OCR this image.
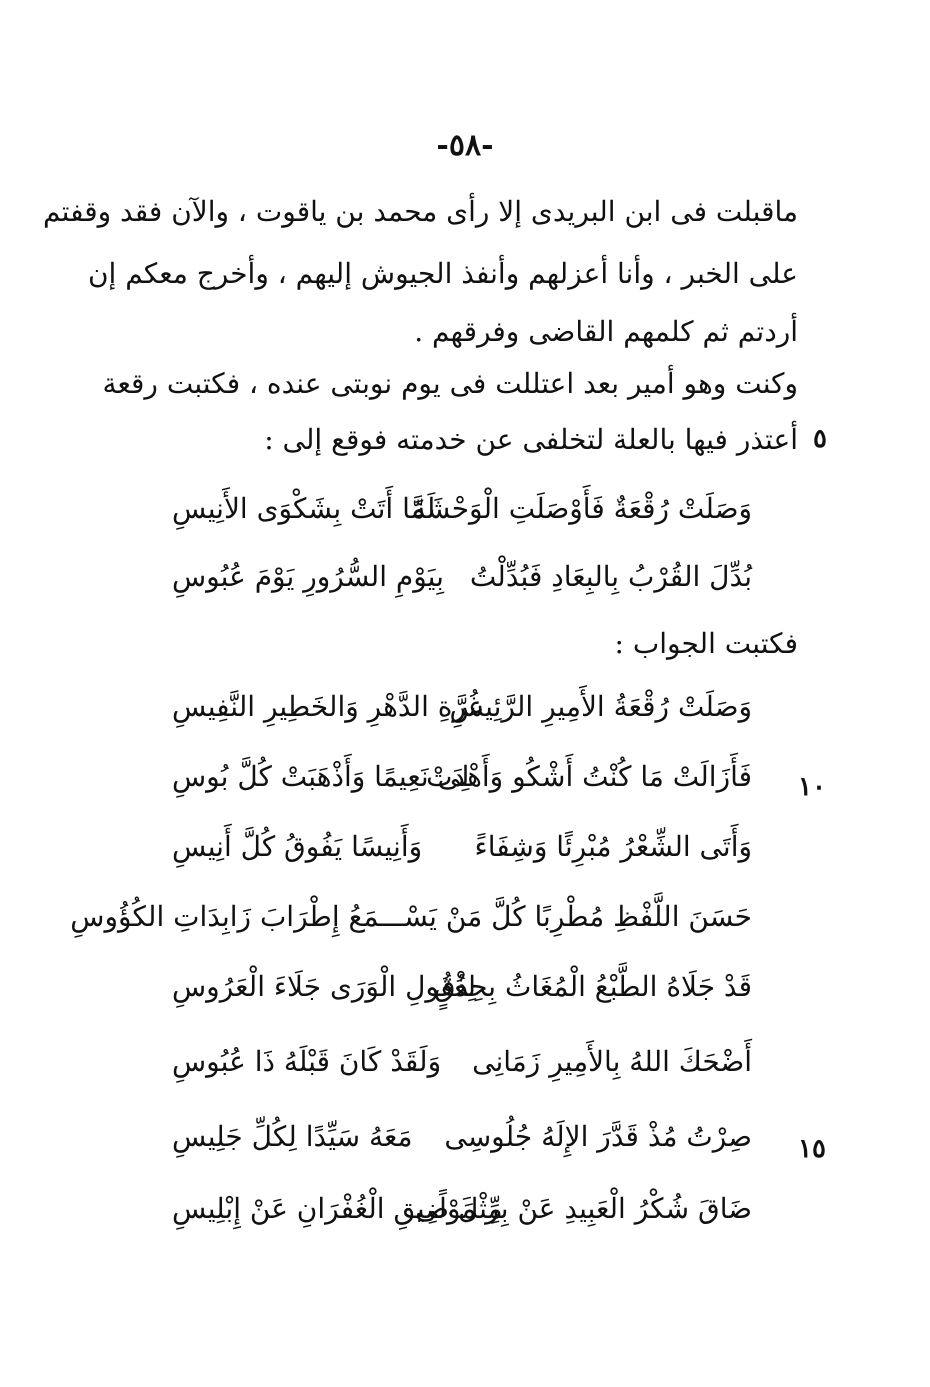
-٥٨-
ماقبلت فى ابن البريدى إلا رأى محمد بن ياقوت ، والآن فقد وقفتم
على الخبر ، وأنا أعزلهم وأنفذ الجيوش إليهم ، وأخرج معكم إن
أردتم ثم كلمهم القاضى وفرقهم .
وكنت وهو أمير بعد اعتللت فى يوم نوبتى عنده ، فكتبت رقعة
أعتذر فيها بالعلة لتخلفى عن خدمته فوقع إلى : ٥
وَصَلَتْ رُقْعَةٌ فَأَوْصَلَتِ الْوَحْشَةَ
لَمَّا أَتَتْ بِشَكْوَى الأَنِيسِ
بُدِّلَ القُرْبُ بِالبِعَادِ فَبُدِّلْتُ
بِيَوْمِ السُّرُورِ يَوْمَ عُبُوسِ
فكتبت الجواب :
وَصَلَتْ رُقْعَةُ الأَمِيرِ الرَّئِيسِ
غُرَّةِ الدَّهْرِ وَالخَطِيرِ النَّفِيسِ
فَأَزَالَتْ مَا كُنْتُ أَشْكُو وَأَهْدَتْ
لِى نَعِيمًا وَأَذْهَبَتْ كُلَّ بُوسِ
وَأَتَى الشِّعْرُ مُبْرِئًا وَشِفَاءً
وَأَنِيسًا يَفُوقُ كُلَّ أَنِيسِ
حَسَنَ اللَّفْظِ مُطْرِبًا كُلَّ مَنْ يَسْـــمَعُ إِطْرَابَ زَابِدَاتِ الكُؤُوسِ
قَدْ جَلَاهُ الطَّبْعُ الْمُغَاثُ بِحِذْقٍ
لِعُقُولِ الْوَرَى جَلَاءَ الْعَرُوسِ
أَضْحَكَ اللهُ بِالأَمِيرِ زَمَانِى
وَلَقَدْ كَانَ قَبْلَهُ ذَا عُبُوسِ
صِرْتُ مُذْ قَدَّرَ الإِلَهُ جُلُوسِى
مَعَهُ سَيِّدًا لِكُلِّ جَلِيسِ
ضَاقَ شُكْرُ الْعَبِيدِ عَنْ بِرِّ مَوْلًى
مِثْلَ ضِيقِ الْغُفْرَانِ عَنْ إِبْلِيسِ
١٠
١٥
